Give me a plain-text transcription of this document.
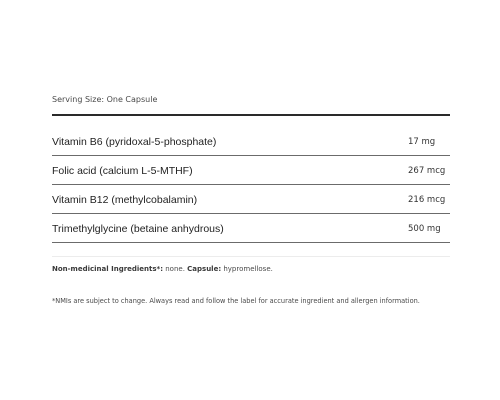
Serving Size: One Capsule
Vitamin B6 (pyridoxal-5-phosphate)	17 mg
Folic acid (calcium L-5-MTHF)	267 mcg
Vitamin B12 (methylcobalamin)	216 mcg
Trimethylglycine (betaine anhydrous)	500 mg
Non-medicinal Ingredients*: none. Capsule: hypromellose.
*NMIs are subject to change. Always read and follow the label for accurate ingredient and allergen information.
